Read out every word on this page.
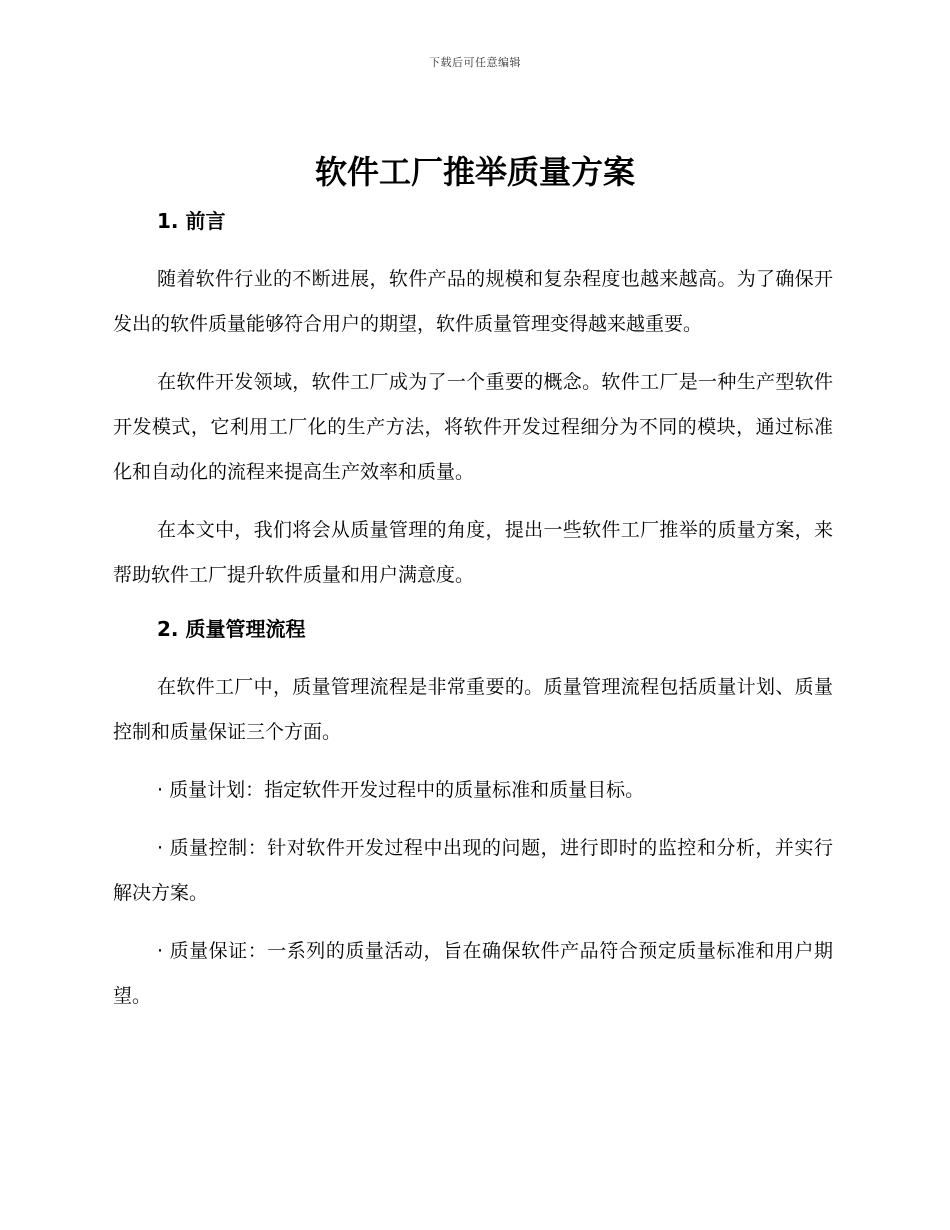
下载后可任意编辑
软件工厂推举质量方案
1. 前言

随着软件行业的不断进展，软件产品的规模和复杂程度也越来越高。为了确保开发出的软件质量能够符合用户的期望，软件质量管理变得越来越重要。

在软件开发领域，软件工厂成为了一个重要的概念。软件工厂是一种生产型软件开发模式，它利用工厂化的生产方法，将软件开发过程细分为不同的模块，通过标准化和自动化的流程来提高生产效率和质量。

在本文中，我们将会从质量管理的角度，提出一些软件工厂推举的质量方案，来帮助软件工厂提升软件质量和用户满意度。

2. 质量管理流程

在软件工厂中，质量管理流程是非常重要的。质量管理流程包括质量计划、质量控制和质量保证三个方面。

· 质量计划：指定软件开发过程中的质量标准和质量目标。

· 质量控制：针对软件开发过程中出现的问题，进行即时的监控和分析，并实行解决方案。

· 质量保证：一系列的质量活动，旨在确保软件产品符合预定质量标准和用户期望。
